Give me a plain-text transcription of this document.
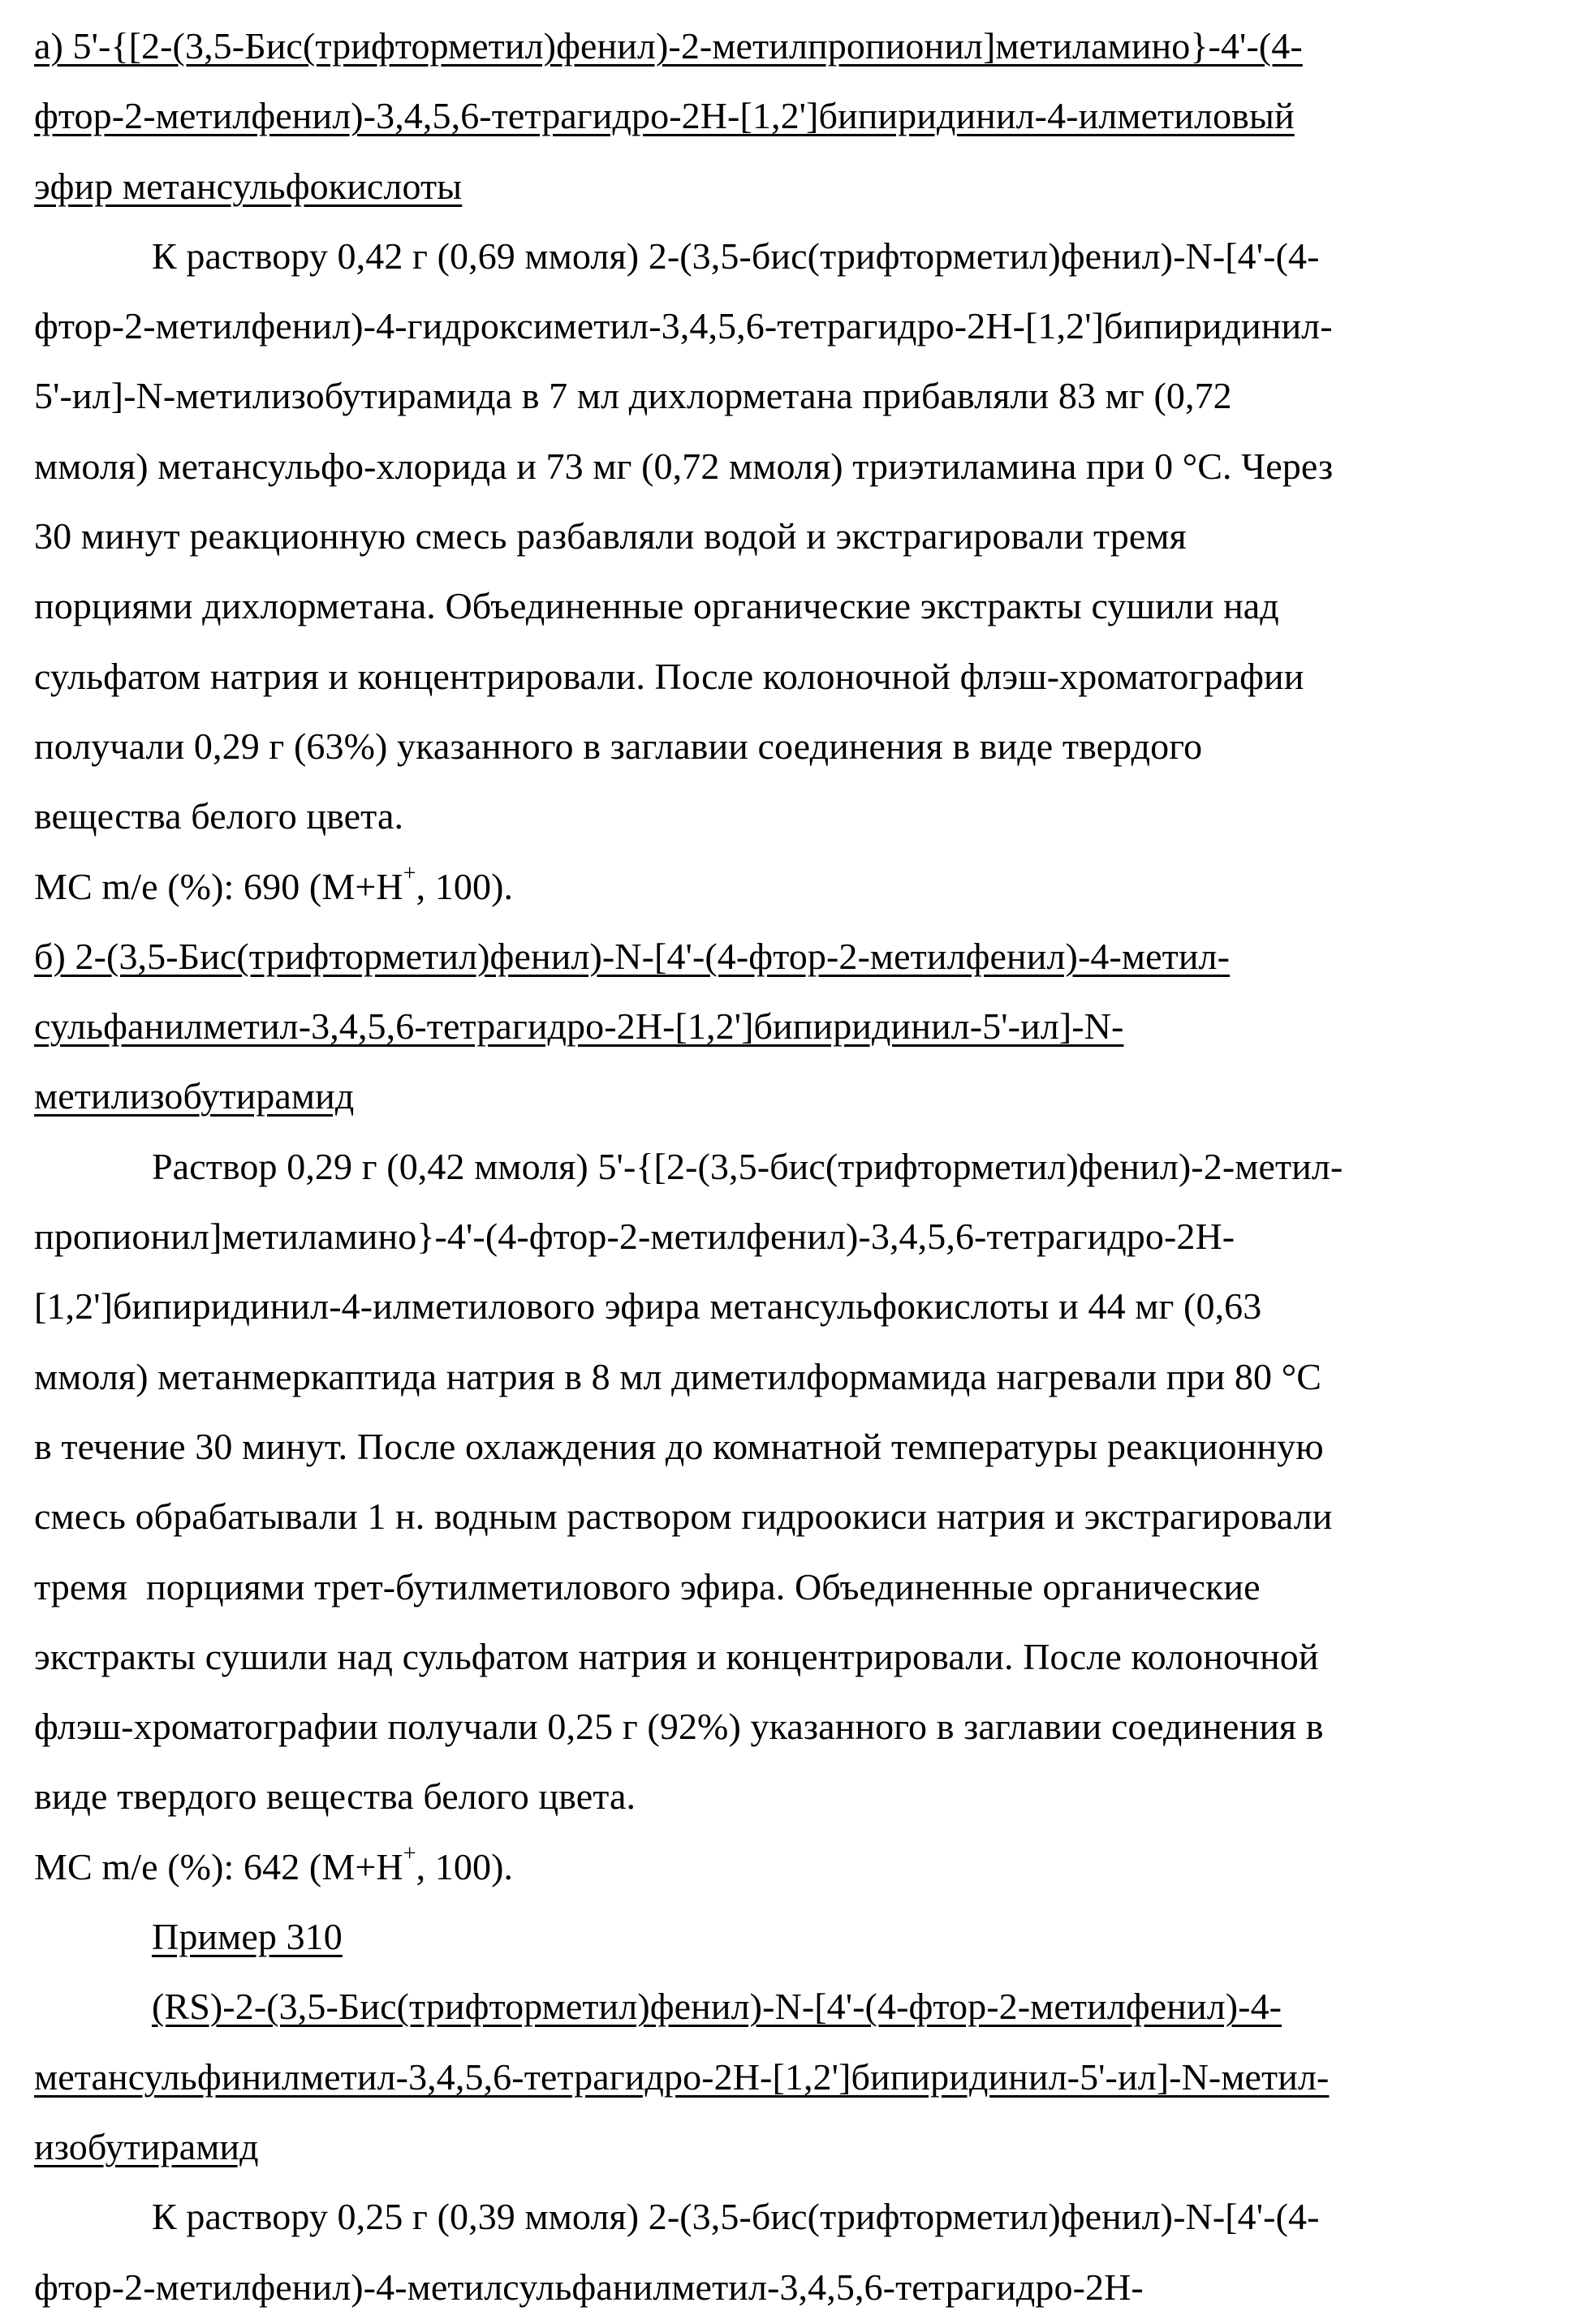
а) 5'-{[2-(3,5-Бис(трифторметил)фенил)-2-метилпропионил]метиламино}-4'-(4-
фтор-2-метилфенил)-3,4,5,6-тетрагидро-2Н-[1,2']бипиридинил-4-илметиловый
эфир метансульфокислоты
К раствору 0,42 г (0,69 ммоля) 2-(3,5-бис(трифторметил)фенил)-N-[4'-(4-
фтор-2-метилфенил)-4-гидроксиметил-3,4,5,6-тетрагидро-2Н-[1,2']бипиридинил-
5'-ил]-N-метилизобутирамида в 7 мл дихлорметана прибавляли 83 мг (0,72
ммоля) метансульфо-хлорида и 73 мг (0,72 ммоля) триэтиламина при 0 °С. Через
30 минут реакционную смесь разбавляли водой и экстрагировали тремя
порциями дихлорметана. Объединенные органические экстракты сушили над
сульфатом натрия и концентрировали. После колоночной флэш-хроматографии
получали 0,29 г (63%) указанного в заглавии соединения в виде твердого
вещества белого цвета.
МС m/e (%): 690 (М+Н+, 100).
б) 2-(3,5-Бис(трифторметил)фенил)-N-[4'-(4-фтор-2-метилфенил)-4-метил-
сульфанилметил-3,4,5,6-тетрагидро-2Н-[1,2']бипиридинил-5'-ил]-N-
метилизобутирамид
Раствор 0,29 г (0,42 ммоля) 5'-{[2-(3,5-бис(трифторметил)фенил)-2-метил-
пропионил]метиламино}-4'-(4-фтор-2-метилфенил)-3,4,5,6-тетрагидро-2Н-
[1,2']бипиридинил-4-илметилового эфира метансульфокислоты и 44 мг (0,63
ммоля) метанмеркаптида натрия в 8 мл диметилформамида нагревали при 80 °С
в течение 30 минут. После охлаждения до комнатной температуры реакционную
смесь обрабатывали 1 н. водным раствором гидроокиси натрия и экстрагировали
тремя  порциями трет-бутилметилового эфира. Объединенные органические
экстракты сушили над сульфатом натрия и концентрировали. После колоночной
флэш-хроматографии получали 0,25 г (92%) указанного в заглавии соединения в
виде твердого вещества белого цвета.
МС m/e (%): 642 (М+Н+, 100).
Пример 310
(RS)-2-(3,5-Бис(трифторметил)фенил)-N-[4'-(4-фтор-2-метилфенил)-4-
метансульфинилметил-3,4,5,6-тетрагидро-2Н-[1,2']бипиридинил-5'-ил]-N-метил-
изобутирамид
К раствору 0,25 г (0,39 ммоля) 2-(3,5-бис(трифторметил)фенил)-N-[4'-(4-
фтор-2-метилфенил)-4-метилсульфанилметил-3,4,5,6-тетрагидро-2Н-
